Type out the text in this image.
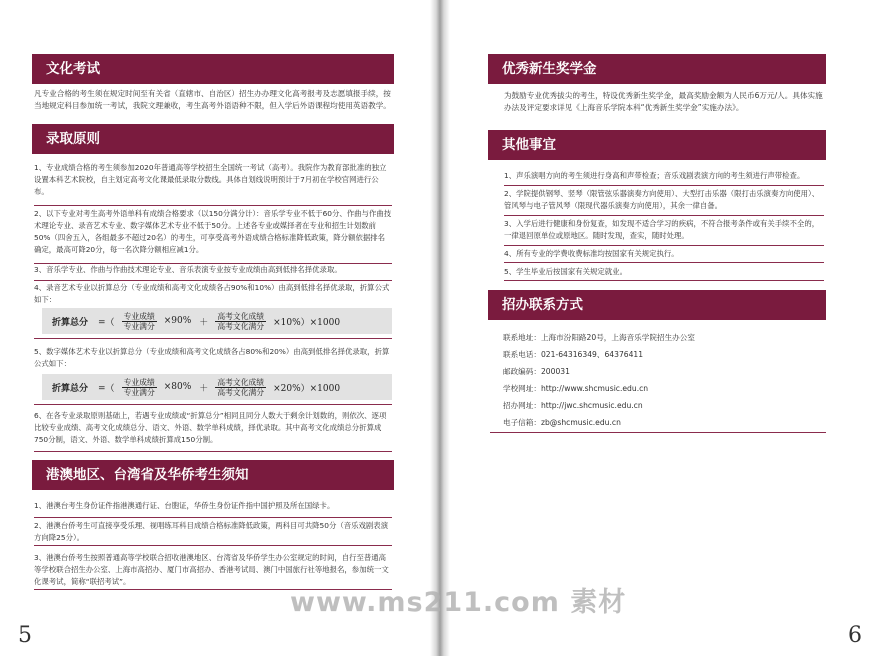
文化考试
凡专业合格的考生须在规定时间至有关省（直辖市、自治区）招生办办理文化高考报考及志愿填报手续，按当地规定科目参加统一考试，我院文理兼收，考生高考外语语种不限，但入学后外语课程均使用英语教学。
录取原则
1、专业成绩合格的考生须参加2020年普通高等学校招生全国统一考试（高考）。我院作为教育部批准的独立设置本科艺术院校，自主划定高考文化课最低录取分数线。具体自划线说明预计于7月初在学校官网进行公布。
2、以下专业对考生高考外语单科有成绩合格要求（以150分满分计）：音乐学专业不低于60分、作曲与作曲技术理论专业、录音艺术专业、数字媒体艺术专业不低于50分。上述各专业或媒择者在专业和招生计划数前50%（四舍五入，各组最多不超过20名）的考生，可享受高考外语成绩合格标准降低政策，降分额依据排名确定，最高可降20分，每一名次降分额相应减1分。
3、音乐学专业、作曲与作曲技术理论专业、音乐表演专业按专业成绩由高到低排名择优录取。
4、录音艺术专业以折算总分（专业成绩和高考文化成绩各占90%和10%）由高到低排名择优录取，折算公式如下：
折算总分 =（ $\frac{\text{专业成绩}}{\text{专业满分}} \times 90\% + \frac{\text{高考文化成绩}}{\text{高考文化满分}} \times 10\%)\times 1000$
5、数字媒体艺术专业以折算总分（专业成绩和高考文化成绩各占80%和20%）由高到低排名择优录取，折算公式如下：
折算总分 =（ $\frac{\text{专业成绩}}{\text{专业满分}} \times 80\% + \frac{\text{高考文化成绩}}{\text{高考文化满分}} \times 20\%)\times 1000$
6、在各专业录取原则基础上，若遇专业成绩或“折算总分”相同且同分人数大于剩余计划数的，则依次、逐项比较专业成绩、高考文化成绩总分、语文、外语、数学单科成绩，择优录取。其中高考文化成绩总分折算成750分制，语文、外语、数学单科成绩折算成150分制。
港澳地区、台湾省及华侨考生须知
1、港澳台考生身份证件指港澳通行证、台胞证，华侨生身份证件指中国护照及所在国绿卡。
2、港澳台侨考生可直接享受乐理、视唱练耳科目成绩合格标准降低政策，两科目可共降50分（音乐戏剧表演方向降25分）。
3、港澳台侨考生按照普通高等学校联合招收港澳地区、台湾省及华侨学生办公室规定的时间，自行至普通高等学校联合招生办公室、上海市高招办、厦门市高招办、香港考试局、澳门中国旅行社等地报名，参加统一文化课考试，简称“联招考试”。
5
优秀新生奖学金
为鼓励专业优秀拔尖的考生，特设优秀新生奖学金，最高奖励金额为人民币6万元/人。具体实施办法及评定要求详见《上海音乐学院本科“优秀新生奖学金”实施办法》。
其他事宜
1、声乐演唱方向的考生须进行身高和声带检查；音乐戏剧表演方向的考生须进行声带检查。
2、学院提供钢琴、竖琴（限管弦乐器演奏方向使用）、大型打击乐器（限打击乐演奏方向使用）、管风琴与电子管风琴（限现代器乐演奏方向使用），其余一律自备。
3、入学后进行健康和身份复查，如发现不适合学习的疾病，不符合报考条件或有关手续不全的，一律退回原单位或原地区。随时发现，查实，随时处理。
4、所有专业的学费收费标准均按国家有关规定执行。
5、学生毕业后按国家有关规定就业。
招办联系方式
联系地址：上海市汾阳路20号，上海音乐学院招生办公室
联系电话：021-64316349、64376411
邮政编码：200031
学校网址：http://www.shcmusic.edu.cn
招办网址：http://jwc.shcmusic.edu.cn
电子信箱：zb@shcmusic.edu.cn
6
www.ms211.com 素材
